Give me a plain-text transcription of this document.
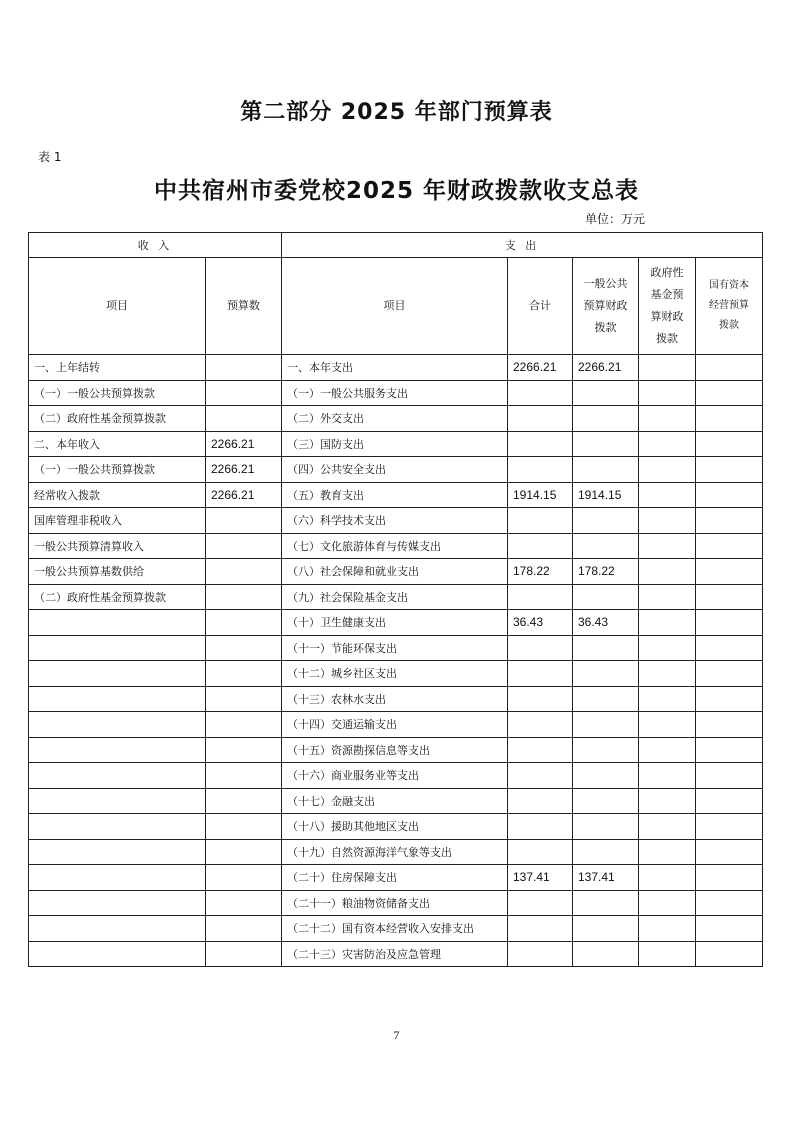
第二部分 2025 年部门预算表
表 1
中共宿州市委党校2025 年财政拨款收支总表
单位：万元
收 入		支 出				
项目	预算数	项目	合计	一般公共预算财政拨款	政府性基金预算财政拨款	国有资本经营预算拨款
一、上年结转		一、本年支出	2266.21	2266.21		
（一）一般公共预算拨款		（一）一般公共服务支出				
（二）政府性基金预算拨款		（二）外交支出				
二、本年收入	2266.21	（三）国防支出				
（一）一般公共预算拨款	2266.21	（四）公共安全支出				
经常收入拨款	2266.21	（五）教育支出	1914.15	1914.15		
国库管理非税收入		（六）科学技术支出				
一般公共预算清算收入		（七）文化旅游体育与传媒支出				
一般公共预算基数供给		（八）社会保障和就业支出	178.22	178.22		
（二）政府性基金预算拨款		（九）社会保险基金支出				
		（十）卫生健康支出	36.43	36.43		
		（十一）节能环保支出				
		（十二）城乡社区支出				
		（十三）农林水支出				
		（十四）交通运输支出				
		（十五）资源勘探信息等支出				
		（十六）商业服务业等支出				
		（十七）金融支出				
		（十八）援助其他地区支出				
		（十九）自然资源海洋气象等支出				
		（二十）住房保障支出	137.41	137.41		
		（二十一）粮油物资储备支出				
		（二十二）国有资本经营收入安排支出				
		（二十三）灾害防治及应急管理				
7
